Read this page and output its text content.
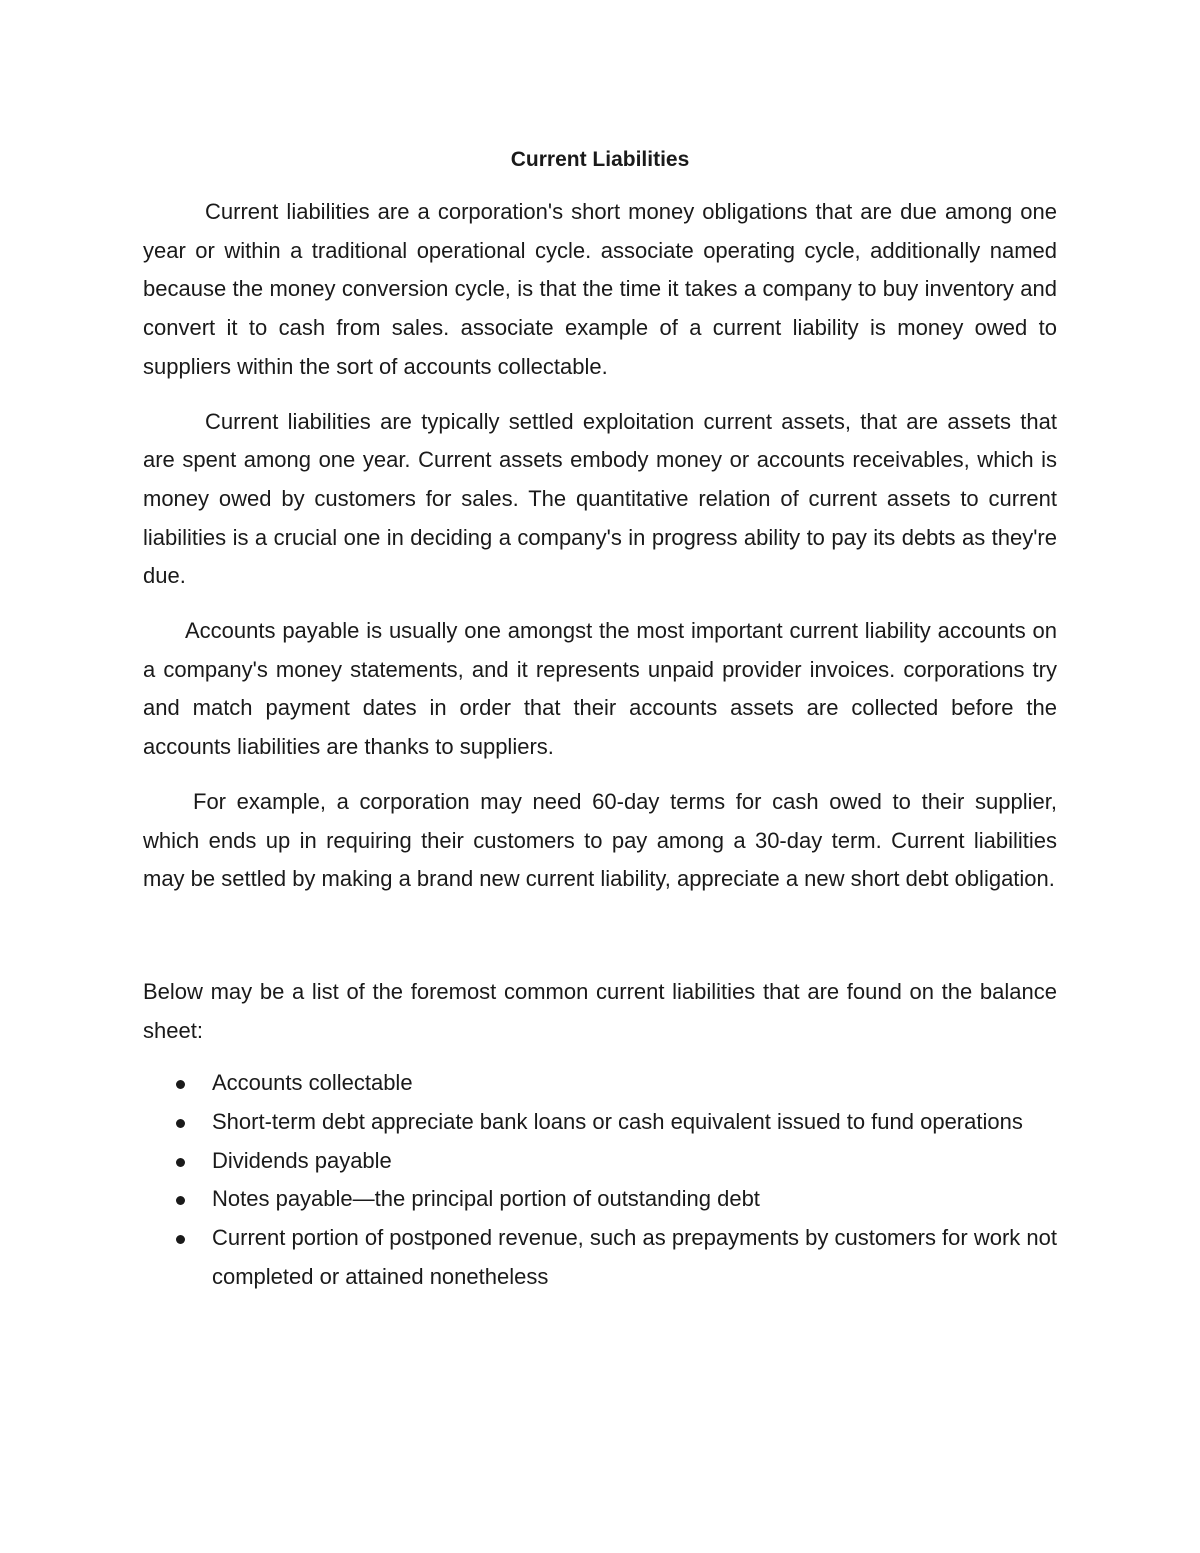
Current Liabilities

Current liabilities are a corporation's short money obligations that are due among one year or within a traditional operational cycle. associate operating cycle, additionally named because the money conversion cycle, is that the time it takes a company to buy inventory and convert it to cash from sales. associate example of a current liability is money owed to suppliers within the sort of accounts collectable.

Current liabilities are typically settled exploitation current assets, that are assets that are spent among one year. Current assets embody money or accounts receivables, which is money owed by customers for sales. The quantitative relation of current assets to current liabilities is a crucial one in deciding a company's in progress ability to pay its debts as they're due.

Accounts payable is usually one amongst the most important current liability accounts on a company's money statements, and it represents unpaid provider invoices. corporations try and match payment dates in order that their accounts assets are collected before the accounts liabilities are thanks to suppliers.

For example, a corporation may need 60-day terms for cash owed to their supplier, which ends up in requiring their customers to pay among a 30-day term. Current liabilities may be settled by making a brand new current liability, appreciate a new short debt obligation.

Below may be a list of the foremost common current liabilities that are found on the balance sheet:

Accounts collectable
Short-term debt appreciate bank loans or cash equivalent issued to fund operations
Dividends payable
Notes payable—the principal portion of outstanding debt
Current portion of postponed revenue, such as prepayments by customers for work not completed or attained nonetheless
